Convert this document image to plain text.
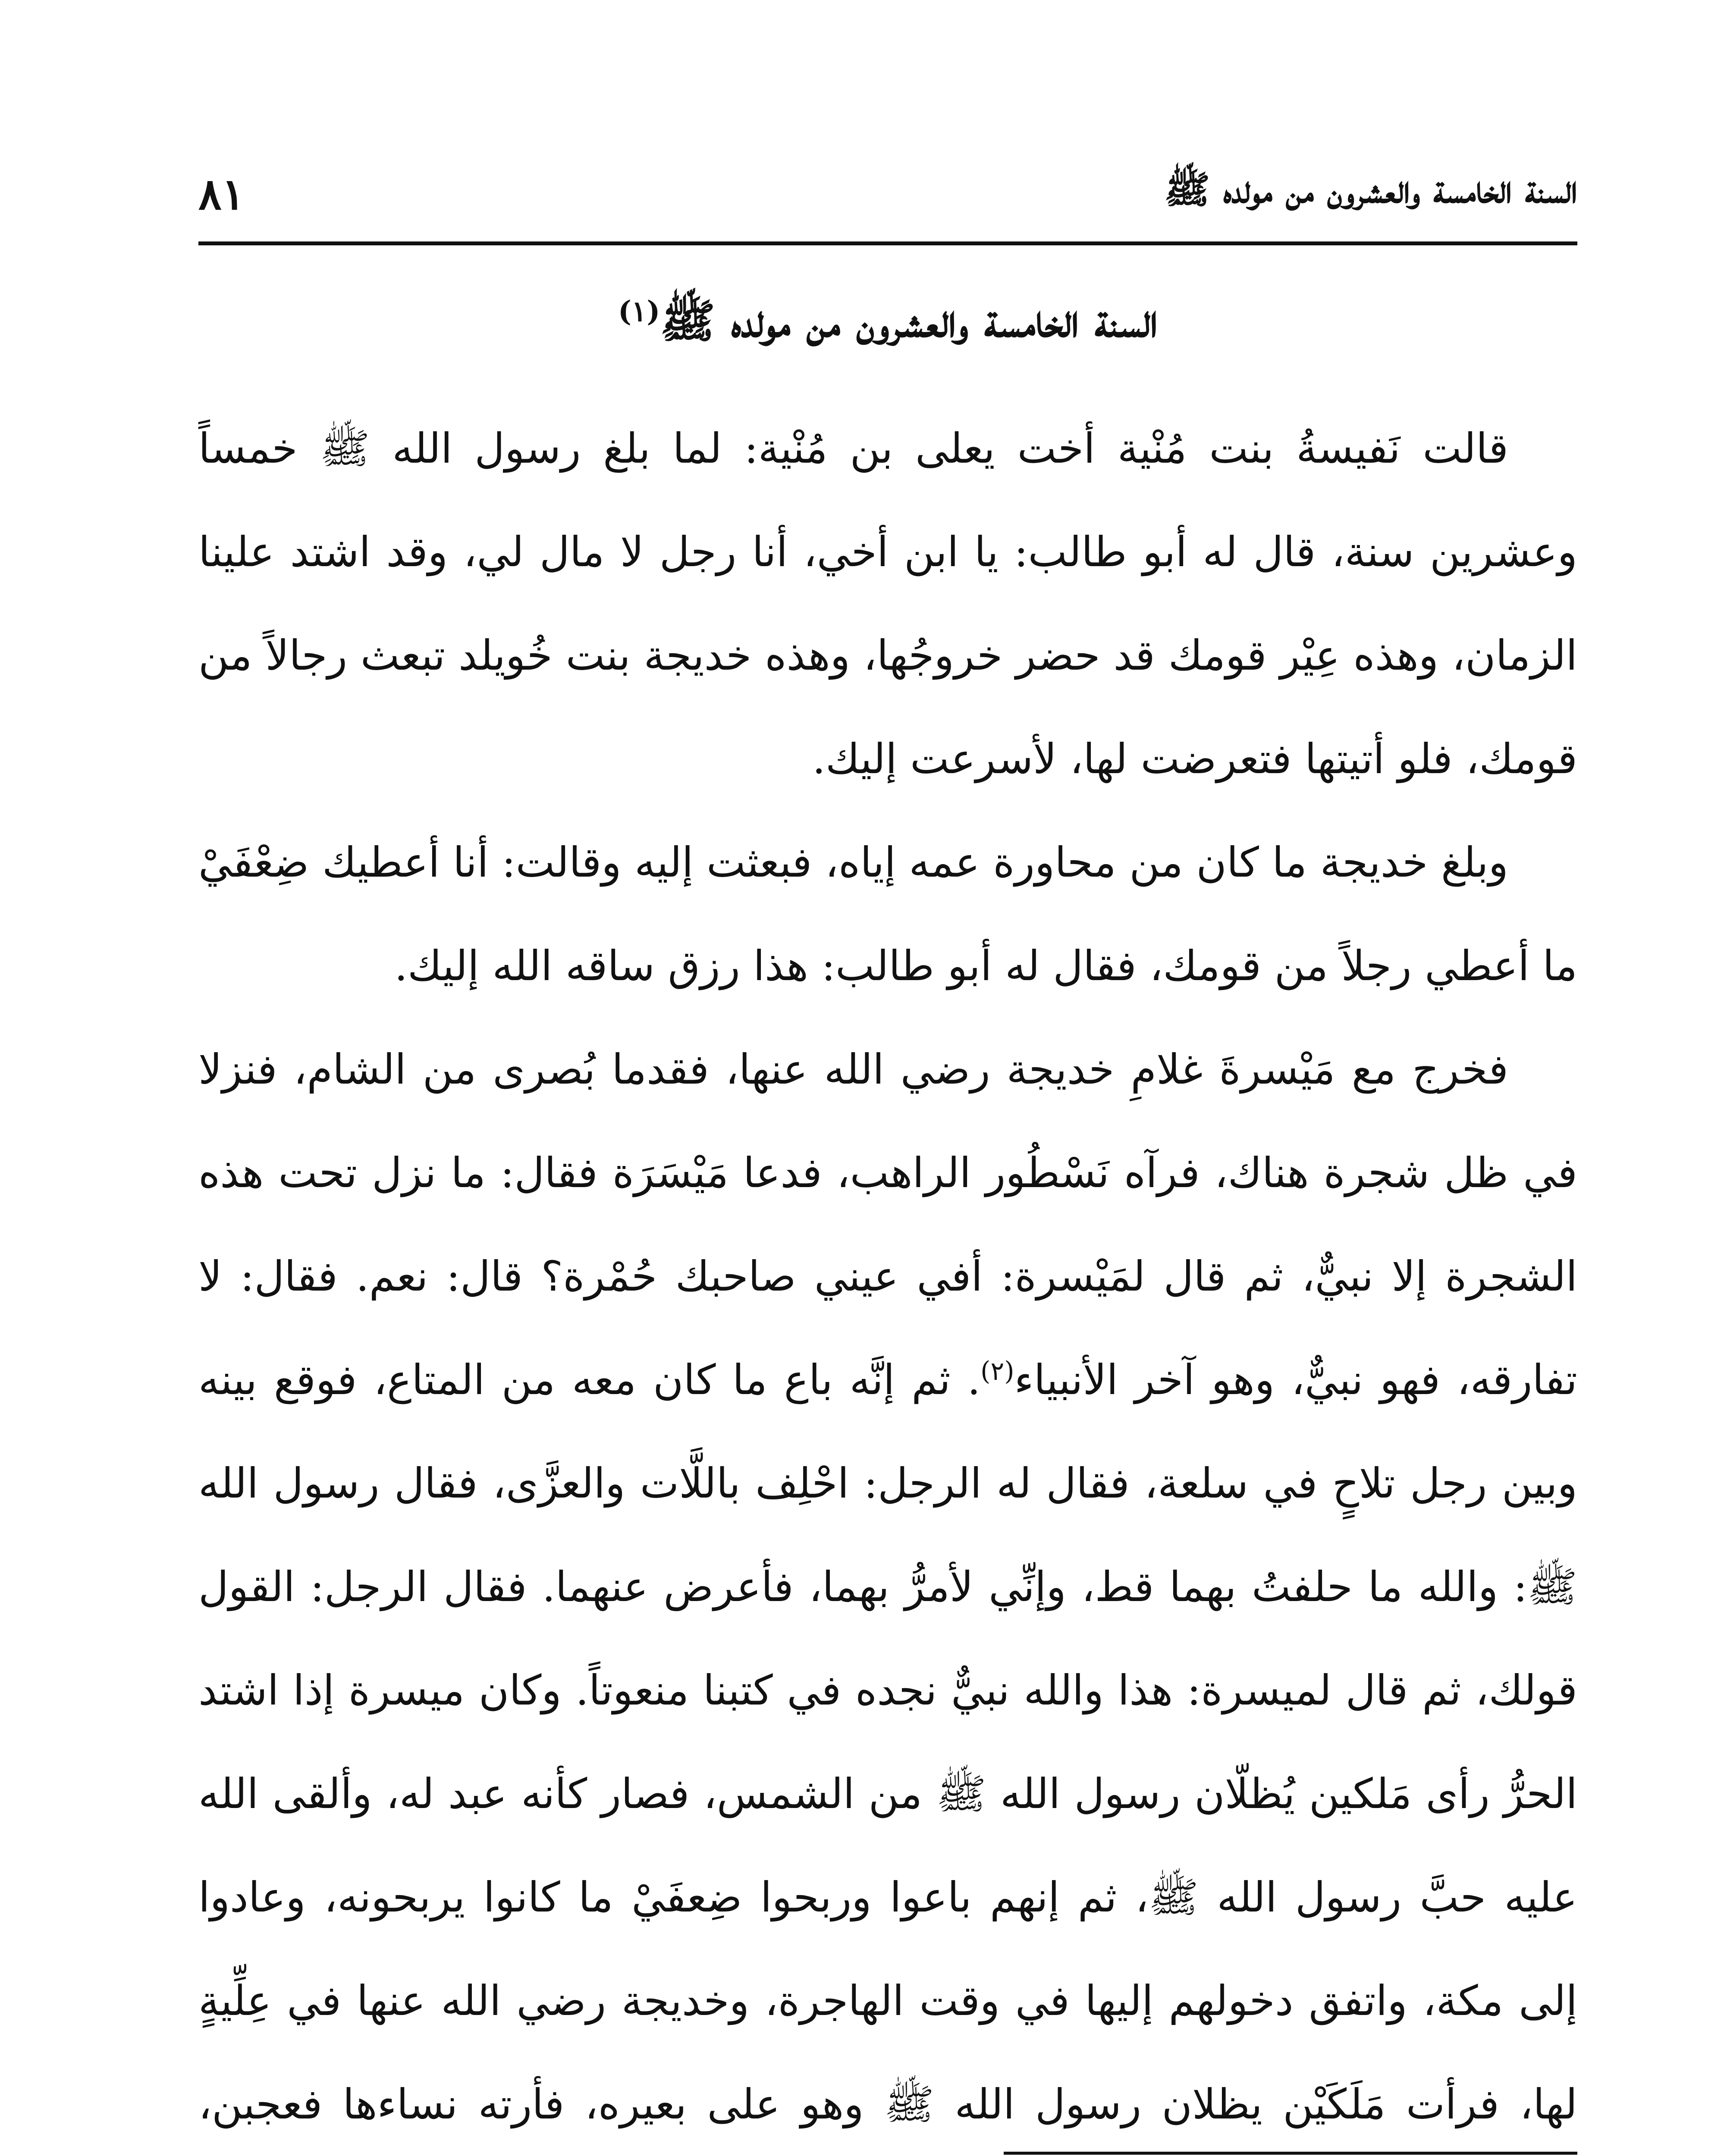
السنة الخامسة والعشرون من مولده ﷺ
٨١
السنة الخامسة والعشرون من مولده ﷺ$^{(١)}$

قالت نَفيسةُ بنت مُنْية أخت يعلى بن مُنْية: لما بلغ رسول الله ﷺ خمساً وعشرين سنة، قال له أبو طالب: يا ابن أخي، أنا رجل لا مال لي، وقد اشتد علينا الزمان، وهذه عِيْر قومك قد حضر خروجُها، وهذه خديجة بنت خُويلد تبعث رجالاً من قومك، فلو أتيتها فتعرضت لها، لأسرعت إليك.

وبلغ خديجة ما كان من محاورة عمه إياه، فبعثت إليه وقالت: أنا أعطيك ضِعْفَيْ ما أعطي رجلاً من قومك، فقال له أبو طالب: هذا رزق ساقه الله إليك.

فخرج مع مَيْسرةَ غلامِ خديجة رضي الله عنها، فقدما بُصرى من الشام، فنزلا في ظل شجرة هناك، فرآه نَسْطُور الراهب، فدعا مَيْسَرَة فقال: ما نزل تحت هذه الشجرة إلا نبيٌّ، ثم قال لمَيْسرة: أفي عيني صاحبك حُمْرة؟ قال: نعم. فقال: لا تفارقه، فهو نبيٌّ، وهو آخر الأنبياء$^{(٢)}$. ثم إنَّه باع ما كان معه من المتاع، فوقع بينه وبين رجل تلاحٍ في سلعة، فقال له الرجل: احْلِف باللَّات والعزَّى، فقال رسول الله ﷺ: والله ما حلفتُ بهما قط، وإنِّي لأمرُّ بهما، فأعرض عنهما. فقال الرجل: القول قولك، ثم قال لميسرة: هذا والله نبيٌّ نجده في كتبنا منعوتاً. وكان ميسرة إذا اشتد الحرُّ رأى مَلكين يُظلّان رسول الله ﷺ من الشمس، فصار كأنه عبد له، وألقى الله عليه حبَّ رسول الله ﷺ، ثم إنهم باعوا وربحوا ضِعفَيْ ما كانوا يربحونه، وعادوا إلى مكة، واتفق دخولهم إليها في وقت الهاجرة، وخديجة رضي الله عنها في عِلِّيةٍ لها، فرأت مَلَكَيْن يظلان رسول الله ﷺ وهو على بعيره، فأرته نساءها فعجبن،
